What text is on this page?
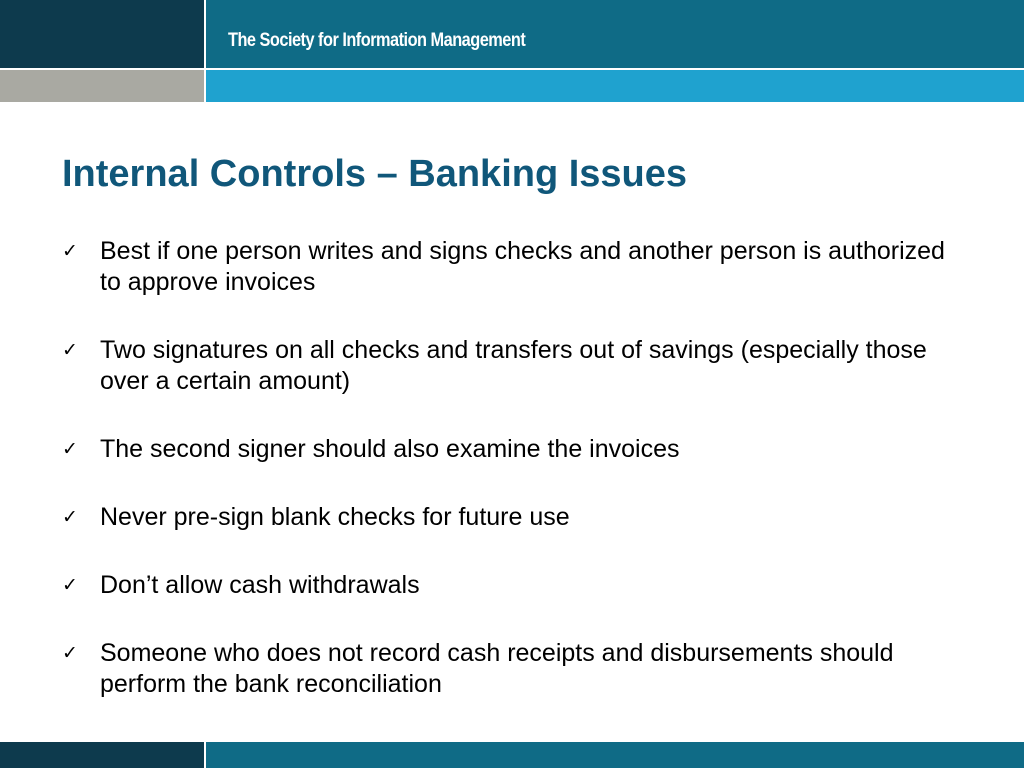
The Society for Information Management
Internal Controls – Banking Issues
✓ Best if one person writes and signs checks and another person is authorized to approve invoices
✓ Two signatures on all checks and transfers out of savings (especially those over a certain amount)
✓ The second signer should also examine the invoices
✓ Never pre-sign blank checks for future use
✓ Don’t allow cash withdrawals
✓ Someone who does not record cash receipts and disbursements should perform the bank reconciliation
